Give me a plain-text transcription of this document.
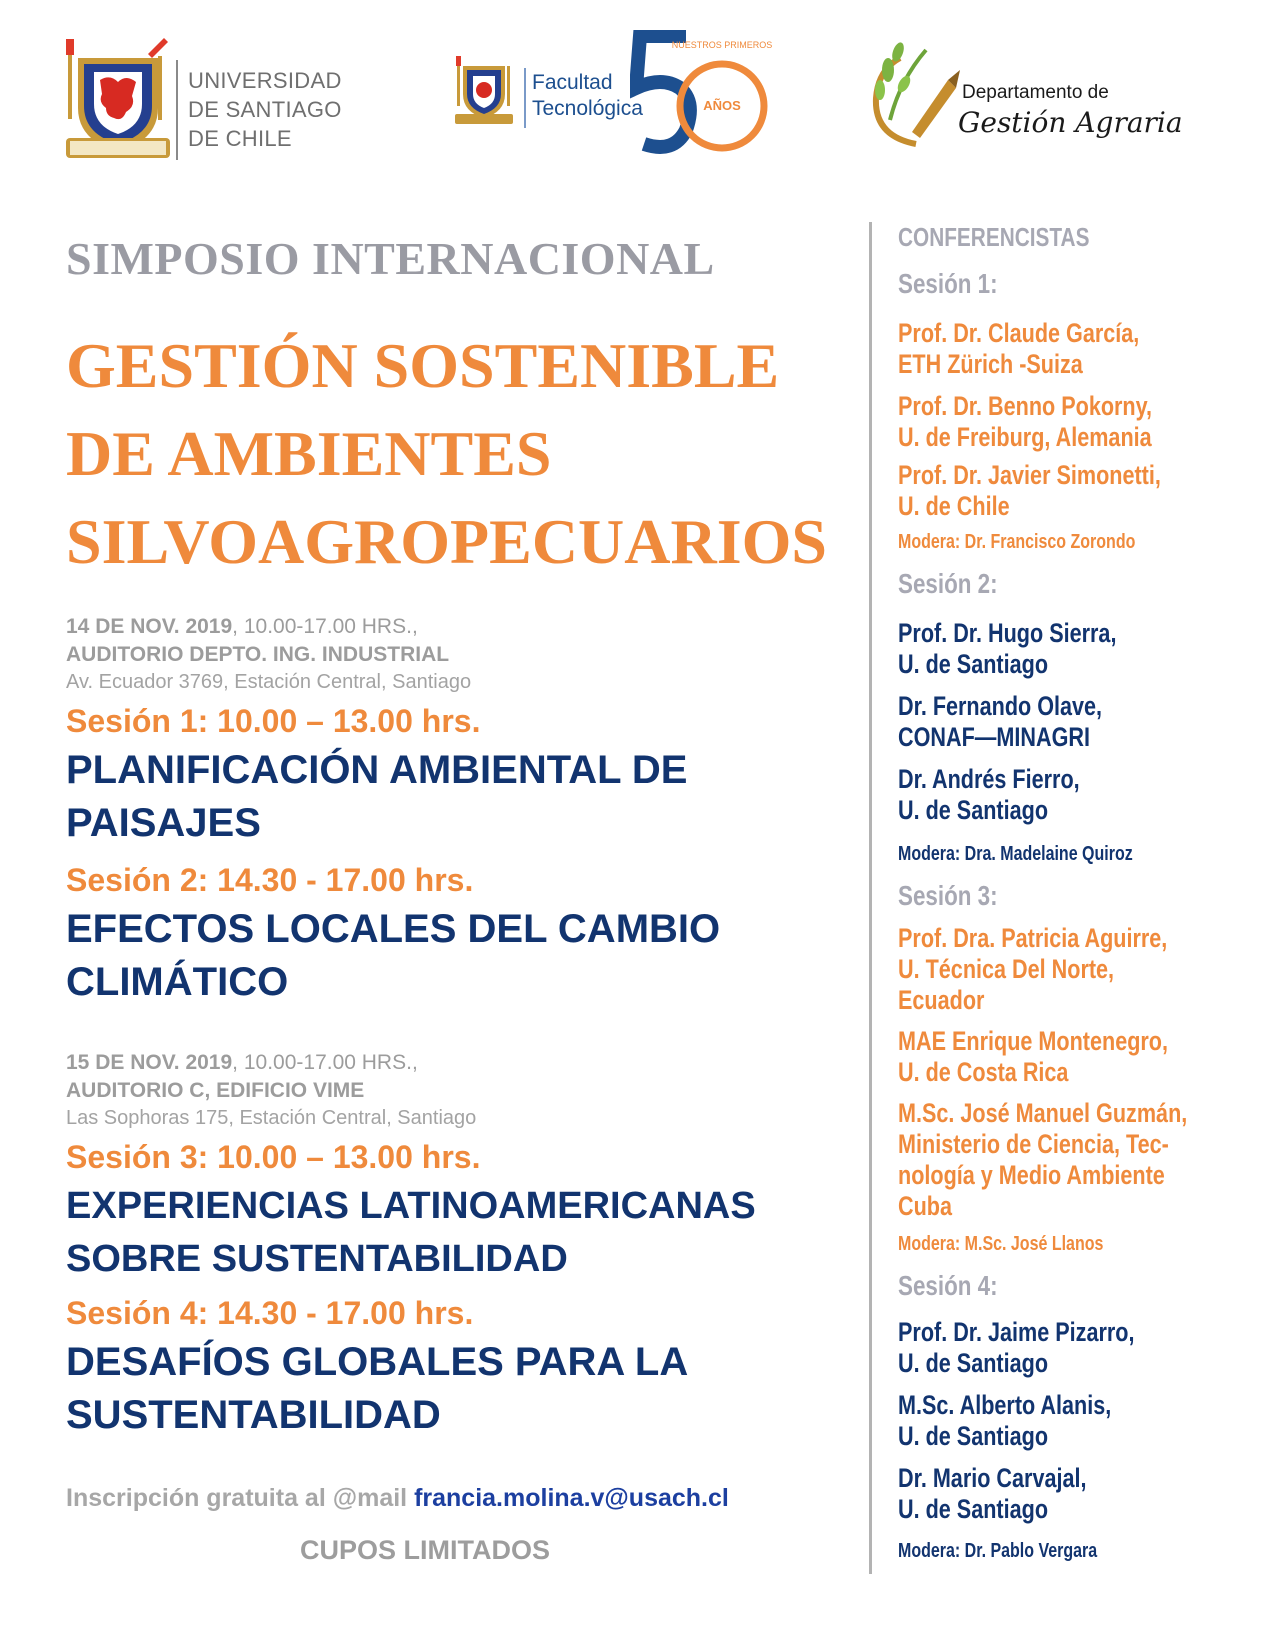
UNIVERSIDAD
DE SANTIAGO
DE CHILE
Facultad
Tecnológica
NUESTROS PRIMEROS
AÑOS
Departamento de
Gestión Agraria
SIMPOSIO INTERNACIONAL
GESTIÓN SOSTENIBLE
DE AMBIENTES
SILVOAGROPECUARIOS
14 DE NOV. 2019, 10.00-17.00 HRS.,
AUDITORIO DEPTO. ING. INDUSTRIAL
Av. Ecuador 3769, Estación Central, Santiago
Sesión 1: 10.00 – 13.00 hrs.
PLANIFICACIÓN AMBIENTAL DE
PAISAJES
Sesión 2: 14.30 - 17.00 hrs.
EFECTOS LOCALES DEL CAMBIO
CLIMÁTICO
15 DE NOV. 2019, 10.00-17.00 HRS.,
AUDITORIO C, EDIFICIO VIME
Las Sophoras 175, Estación Central, Santiago
Sesión 3: 10.00 – 13.00 hrs.
EXPERIENCIAS LATINOAMERICANAS
SOBRE SUSTENTABILIDAD
Sesión 4: 14.30 - 17.00 hrs.
DESAFÍOS GLOBALES PARA LA
SUSTENTABILIDAD
Inscripción gratuita al @mail francia.molina.v@usach.cl
CUPOS LIMITADOS
CONFERENCISTAS
Sesión 1:
Prof. Dr. Claude García,
ETH Zürich -Suiza
Prof. Dr. Benno Pokorny,
U. de Freiburg, Alemania
Prof. Dr. Javier Simonetti,
U. de Chile
Modera: Dr. Francisco Zorondo
Sesión 2:
Prof. Dr. Hugo Sierra,
U. de Santiago
Dr. Fernando Olave,
CONAF—MINAGRI
Dr. Andrés Fierro,
U. de Santiago
Modera: Dra. Madelaine Quiroz
Sesión 3:
Prof. Dra. Patricia Aguirre,
U. Técnica Del Norte,
Ecuador
MAE Enrique Montenegro,
U. de Costa Rica
M.Sc. José Manuel Guzmán,
Ministerio de Ciencia, Tec-
nología y Medio Ambiente
Cuba
Modera: M.Sc. José Llanos
Sesión 4:
Prof. Dr. Jaime Pizarro,
U. de Santiago
M.Sc. Alberto Alanis,
U. de Santiago
Dr. Mario Carvajal,
U. de Santiago
Modera: Dr. Pablo Vergara
